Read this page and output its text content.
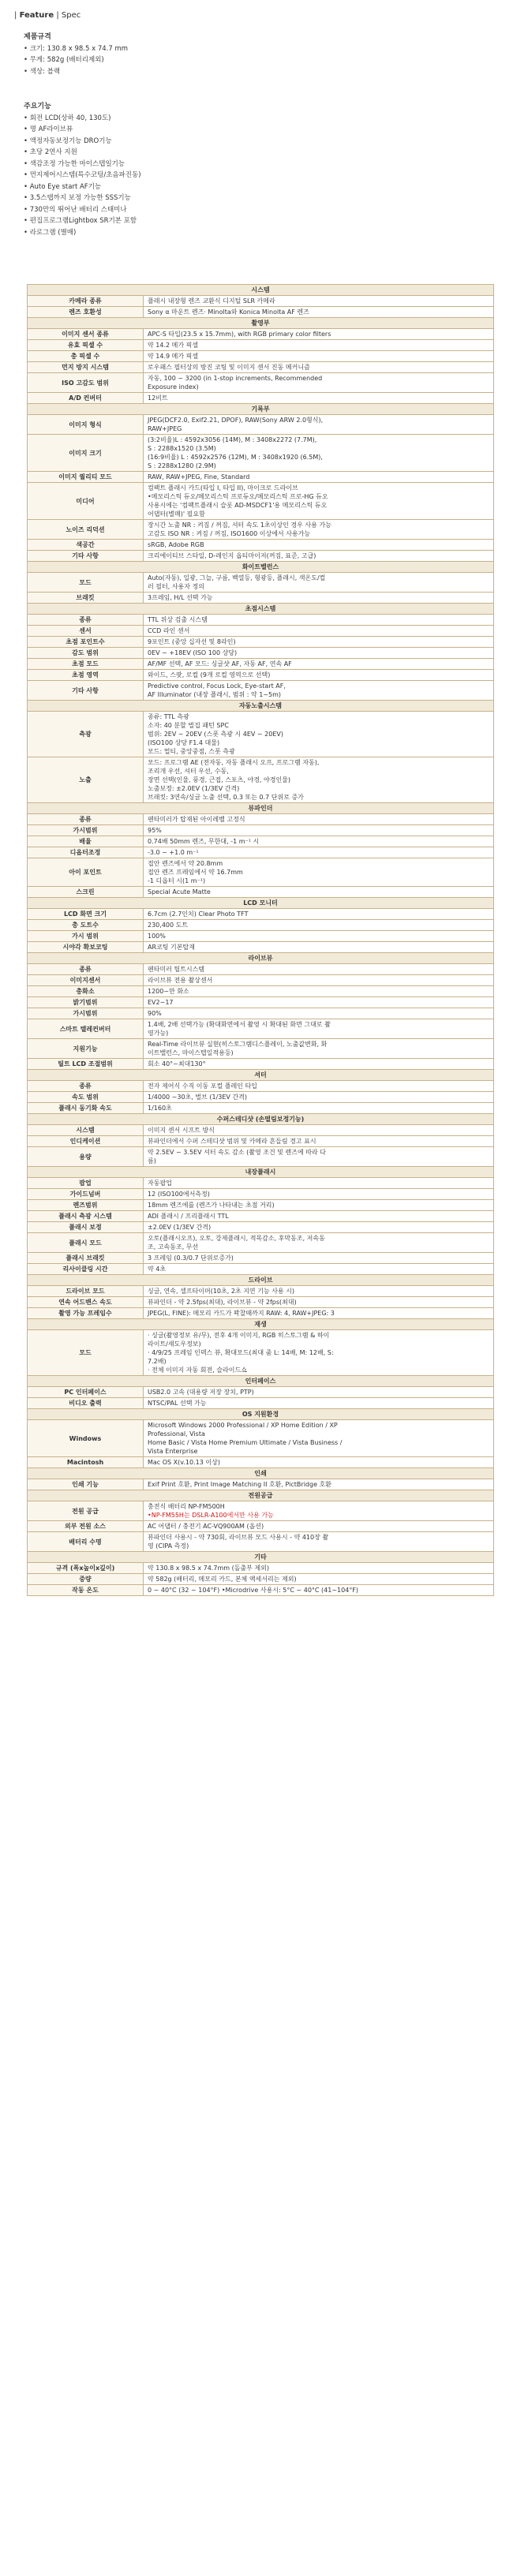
| Feature | Spec
제품규격
• 크기: 130.8 x 98.5 x 74.7 mm
• 무게: 582g (배터리제외)
• 색상: 블랙
주요기능
• 회전 LCD(상하 40, 130도)
• 명 AF라이브뷰
• 액정자동보정기능 DRO기능
• 초당 2연사 지원
• 색감조정 가능한 마이스텝일기능
• 먼지제어시스템(특수코팅/초음파진동)
• Auto Eye start AF기능
• 3.5스탭까지 보정 가능한 SSS기능
• 730만의 뛰어난 배터리 스태미나
• 편집프로그램Lightbox SR기본 포함
• 라로그램 (별매)
시스템	
카메라 종류	플래시 내장형 렌즈 교환식 디지털 SLR 카메라

렌즈 호환성	Sony α 마운트 렌즈· Minolta와 Konica Minolta AF 렌즈

촬영부	
이미지 센서 종류	APC-S 타입(23.5 x 15.7mm), with RGB primary color filters

유효 픽셀 수	약 14.2 메가 픽셀

총 픽셀 수	약 14.9 메가 픽셀

먼지 방지 시스템	로우패스 필터상의 방진 코팅 및 이미지 센서 진동 메커니즘

ISO 고감도 범위	자동, 100 ~ 3200 (in 1-stop increments, Recommended
Exposure index)

A/D 컨버터	12비트

기록부	
이미지 형식	JPEG(DCF2.0, Exif2.21, DPOF), RAW(Sony ARW 2.0형식),
RAW+JPEG

이미지 크기	(3:2비율)L : 4592x3056 (14M), M : 3408x2272 (7.7M),
S : 2288x1520 (3.5M)
(16:9비율) L : 4592x2576 (12M), M : 3408x1920 (6.5M),
S : 2288x1280 (2.9M)

이미지 퀄리티 모드	RAW, RAW+JPEG, Fine, Standard

미디어	컴팩트 플래시 카드(타입 I, 타입 II), 마이크로 드라이브
•메모리스틱 듀오/메모리스틱 프로듀오/메모리스틱 프로-HG 듀오
사용시에는 '컴팩트플래시 슬롯 AD-MSDCF1'용 메모리스틱 듀오
어댑터(별매)' 필요함

노이즈 리덕션	장시간 노출 NR : 켜짐 / 꺼짐, 셔터 속도 1초이상인 경우 사용 가능
고감도 ISO NR : 켜짐 / 꺼짐, ISO1600 이상에서 사용가능

색공간	sRGB, Adobe RGB

기타 사항	크리에이티브 스타일, D-레인지 옵티마이저(꺼짐, 표준, 고급)

화이트밸런스	
모드	Auto(자동), 일광, 그늘, 구름, 백열등, 형광등, 플래시, 색온도/컬
러 필터, 사용자 정의

브래킷	3프레임, H/L 선택 가능

초점시스템	
종류	TTL 위상 검출 시스템

센서	CCD 라인 센서

초점 포인트수	9포인트 (중앙 십자선 및 8라인)

감도 범위	0EV ~ +18EV (ISO 100 상당)

초점 모드	AF/MF 선택, AF 모드: 싱글샷 AF, 자동 AF, 연속 AF

초점 영역	와이드, 스팟, 로컬 (9개 로컬 영역으로 선택)

기타 사항	Predictive control, Focus Lock, Eye-start AF,
AF Illuminator (내장 플래시, 범위 : 약 1~5m)

자동노출시스템	
측광	종류: TTL 측광
소자: 40 분할 벌집 패턴 SPC
범위: 2EV ~ 20EV (스폿 측광 시 4EV ~ 20EV)
(ISO100 상당 F1.4 대물)
모드: 멀티, 중앙중점, 스폿 측광

노출	모드: 프로그램 AE (전자동, 자동 플래시 오프, 프로그램 자동),
조리개 우선, 셔터 우선, 수동,
장면 선택(인물, 풍경, 근접, 스포츠, 야경, 야경인물)
노출보정: ±2.0EV (1/3EV 간격)
브래킷: 3연속/싱글 노출 선택, 0.3 또는 0.7 단위로 증가

뷰파인더	
종류	펜타미러가 탑재된 아이레벨 고정식

가시범위	95%

배율	0.74배 50mm 렌즈, 무한대, -1 m⁻¹ 시

디옵터조정	-3.0 ~ +1.0 m⁻¹

아이 포인트	접안 렌즈에서 약 20.8mm
접안 렌즈 프레임에서 약 16.7mm
-1 디옵터 시(1 m⁻¹)

스크린	Special Acute Matte

LCD 모니터	
LCD 화면 크기	6.7cm (2.7인치) Clear Photo TFT

총 도트수	230,400 도트

가시 범위	100%

시야각 확보코팅	AR코팅 기본탑재

라이브뷰	
종류	펜타미러 틸트시스템

이미지센서	라이브뷰 전용 촬상센서

총화소	1200~만 화소

밝기범위	EV2~17

가시범위	90%

스마트 텔레컨버터	1.4배, 2배 선택가능 (확대화면에서 촬영 시 확대된 화면 그대로 촬
영가능)

지원기능	Real-Time 라이브뷰 실현(히스토그램디스플레이, 노출값변화, 화
이트밸런스, 마이스텝일적용등)

틸트 LCD 조절범위	회소 40°~최대130°

셔터	
종류	전자 제어식 수직 이동 포컬 플레인 타입

속도 범위	1/4000 ~30초, 벌브 (1/3EV 간격)

플래시 동기화 속도	1/160초

수퍼스테디샷 (손떨림보정기능)	
시스템	이미지 센서 시프트 방식

인디케이션	뷰파인더에서 수퍼 스테디샷 범위 및 카메라 흔들림 경고 표시

용량	약 2.5EV ~ 3.5EV 셔터 속도 감소 (촬영 조건 및 렌즈에 따라 다
름)

내장플래시	
팝업	자동팝업

가이드넘버	12 (ISO100에서측정)

렌즈범위	18mm 렌즈에를 (렌즈가 나타내는 초점 거리)

플래시 측광 시스템	ADI 플래시 / 프리플래시 TTL

플래시 보정	±2.0EV (1/3EV 간격)

플래시 모드	오토(플래시오프), 오토, 강제플래시, 적목감소, 후막동조, 저속동
조, 고속동조, 무선

플래시 브래킷	3 프레임 (0.3/0.7 단위로증가)

리사이클링 시간	약 4초

드라이브	
드라이브 모드	싱글, 연속, 셀프타이머(10초, 2초 지연 기능 사용 시)

연속 어드밴스 속도	뷰파인더 - 약 2.5fps(최대), 라이브뷰 - 약 2fps(최대)

촬영 가능 프레임수	JPEG(L, FINE): 메모리 카드가 꽉찰때까지 RAW: 4, RAW+JPEG: 3

재생	
모드	· 싱글(촬영정보 유/무), 전후 4개 이미지, RGB 히스토그램 & 하이
라이트/섀도우정보)
· 4/9/25 프레임 인덱스 뷰, 확대모드(최대 줌 L: 14배, M: 12배, S:
7.2배)
· 전체 이미지 자동 회전, 슬라이드쇼

인터페이스	
PC 인터페이스	USB2.0 고속 (대용량 저장 장치, PTP)

비디오 출력	NTSC/PAL 선택 가능

OS 지원환경	
Windows	Microsoft Windows 2000 Professional / XP Home Edition / XP
Professional, Vista
Home Basic / Vista Home Premium Ultimate / Vista Business /
Vista Enterprise

Macintosh	Mac OS X(v.10.13 이상)

인쇄	
인쇄 기능	Exif Print 호환, Print Image Matching II 호환, PictBridge 호환

전원공급	
전원 공급	충전식 배터리 NP-FM500H
•NP-FM55H는 DSLR-A100에서만 사용 가능

외부 전원 소스	AC 어댑터 / 충전기 AC-VQ900AM (옵션)

배터리 수명	뷰파인더 사용시 - 약 730회, 라이브뷰 모드 사용시 - 약 410장 촬
영 (CIPA 측정)

기타	
규격 (폭x높이x깊이)	약 130.8 x 98.5 x 74.7mm (돌출부 제외)

중량	약 582g (배터리, 메모리 카드, 본체 액세서리는 제외)

작동 온도	0 ~ 40°C (32 ~ 104°F) •Microdrive 사용시: 5°C ~ 40°C (41~104°F)
